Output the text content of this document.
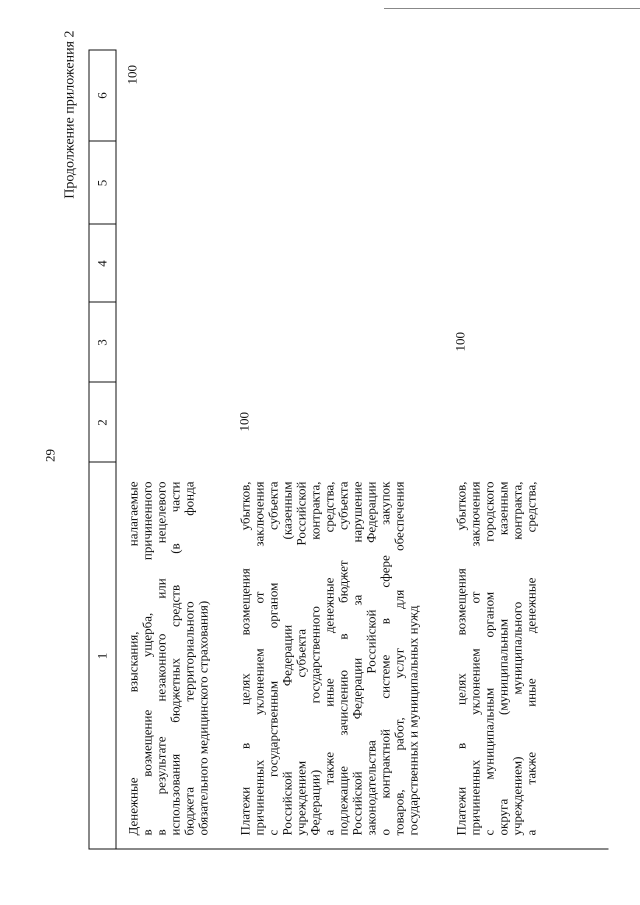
29
Продолжение приложения 2
1
2
3
4
5
6
Денежные взыскания, налагаемые в возмещение ущерба, причиненного в результате незаконного или нецелевого использования бюджетных средств (в части бюджета территориального фонда обязательного медицинского страхования)
100
Платежи в целях возмещения убытков, причиненных уклонением от заключения с государственным органом субъекта Российской Федерации (казенным учреждением субъекта Российской Федерации) государственного контракта, а также иные денежные средства, подлежащие зачислению в бюджет субъекта Российской Федерации за нарушение законодательства Российской Федерации о контрактной системе в сфере закупок товаров, работ, услуг для обеспечения государственных и муниципальных нужд
100
Платежи в целях возмещения убытков, причиненных уклонением от заключения с муниципальным органом городского округа (муниципальным казенным учреждением) муниципального контракта, а также иные денежные средства,
100
